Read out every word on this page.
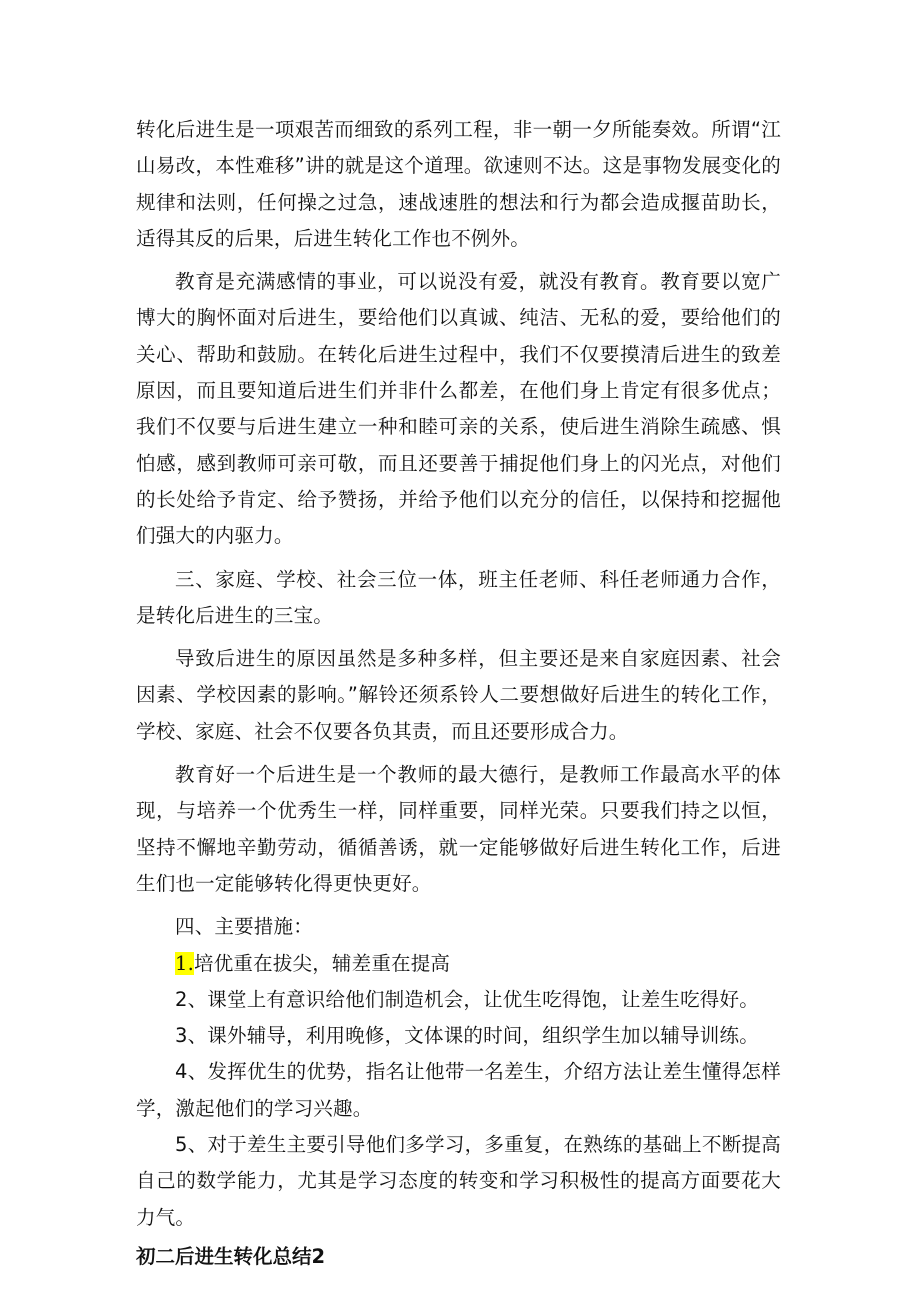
转化后进生是一项艰苦而细致的系列工程，非一朝一夕所能奏效。所谓“江山易改，本性难移”讲的就是这个道理。欲速则不达。这是事物发展变化的规律和法则，任何操之过急，速战速胜的想法和行为都会造成揠苗助长，适得其反的后果，后进生转化工作也不例外。

教育是充满感情的事业，可以说没有爱，就没有教育。教育要以宽广博大的胸怀面对后进生，要给他们以真诚、纯洁、无私的爱，要给他们的关心、帮助和鼓励。在转化后进生过程中，我们不仅要摸清后进生的致差原因，而且要知道后进生们并非什么都差，在他们身上肯定有很多优点；我们不仅要与后进生建立一种和睦可亲的关系，使后进生消除生疏感、惧怕感，感到教师可亲可敬，而且还要善于捕捉他们身上的闪光点，对他们的长处给予肯定、给予赞扬，并给予他们以充分的信任，以保持和挖掘他们强大的内驱力。

三、家庭、学校、社会三位一体，班主任老师、科任老师通力合作，是转化后进生的三宝。

导致后进生的原因虽然是多种多样，但主要还是来自家庭因素、社会因素、学校因素的影响。”解铃还须系铃人二要想做好后进生的转化工作，学校、家庭、社会不仅要各负其责，而且还要形成合力。

教育好一个后进生是一个教师的最大德行，是教师工作最高水平的体现，与培养一个优秀生一样，同样重要，同样光荣。只要我们持之以恒，坚持不懈地辛勤劳动，循循善诱，就一定能够做好后进生转化工作，后进生们也一定能够转化得更快更好。

四、主要措施：

1.培优重在拔尖，辅差重在提高

2、课堂上有意识给他们制造机会，让优生吃得饱，让差生吃得好。

3、课外辅导，利用晚修，文体课的时间，组织学生加以辅导训练。

4、发挥优生的优势，指名让他带一名差生，介绍方法让差生懂得怎样学，激起他们的学习兴趣。

5、对于差生主要引导他们多学习，多重复，在熟练的基础上不断提高自己的数学能力，尤其是学习态度的转变和学习积极性的提高方面要花大力气。

初二后进生转化总结2
